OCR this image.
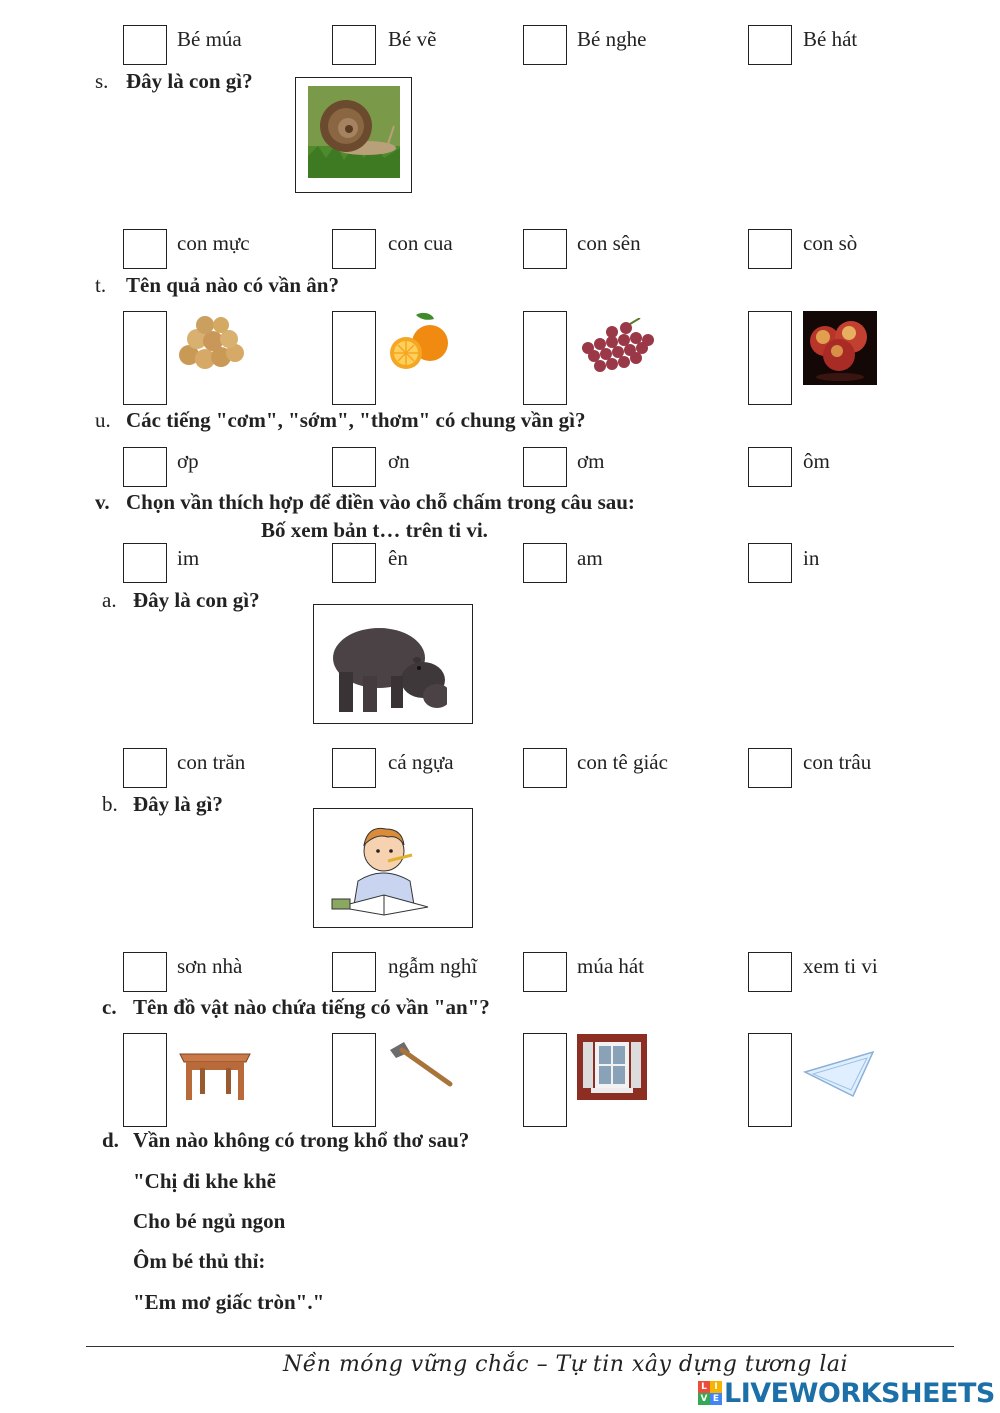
Bé múa	Bé vẽ	Bé nghe	Bé hát
s. Đây là con gì?
con mực	con cua	con sên	con sò
t. Tên quả nào có vần ân?
u. Các tiếng "cơm", "sớm", "thơm" có chung vần gì?
ơp	ơn	ơm	ôm
v. Chọn vần thích hợp để điền vào chỗ chấm trong câu sau:
Bố xem bản t… trên ti vi.
im	ên	am	in
a. Đây là con gì?
con trăn	cá ngựa	con tê giác	con trâu
b. Đây là gì?
sơn nhà	ngẫm nghĩ	múa hát	xem ti vi
c. Tên đồ vật nào chứa tiếng có vần "an"?
d. Vần nào không có trong khổ thơ sau?
"Chị đi khe khẽ
Cho bé ngủ ngon
Ôm bé thủ thỉ:
"Em mơ giấc tròn"."
Nền móng vững chắc – Tự tin xây dựng tương lai
L I
V E LIVEWORKSHEETS
